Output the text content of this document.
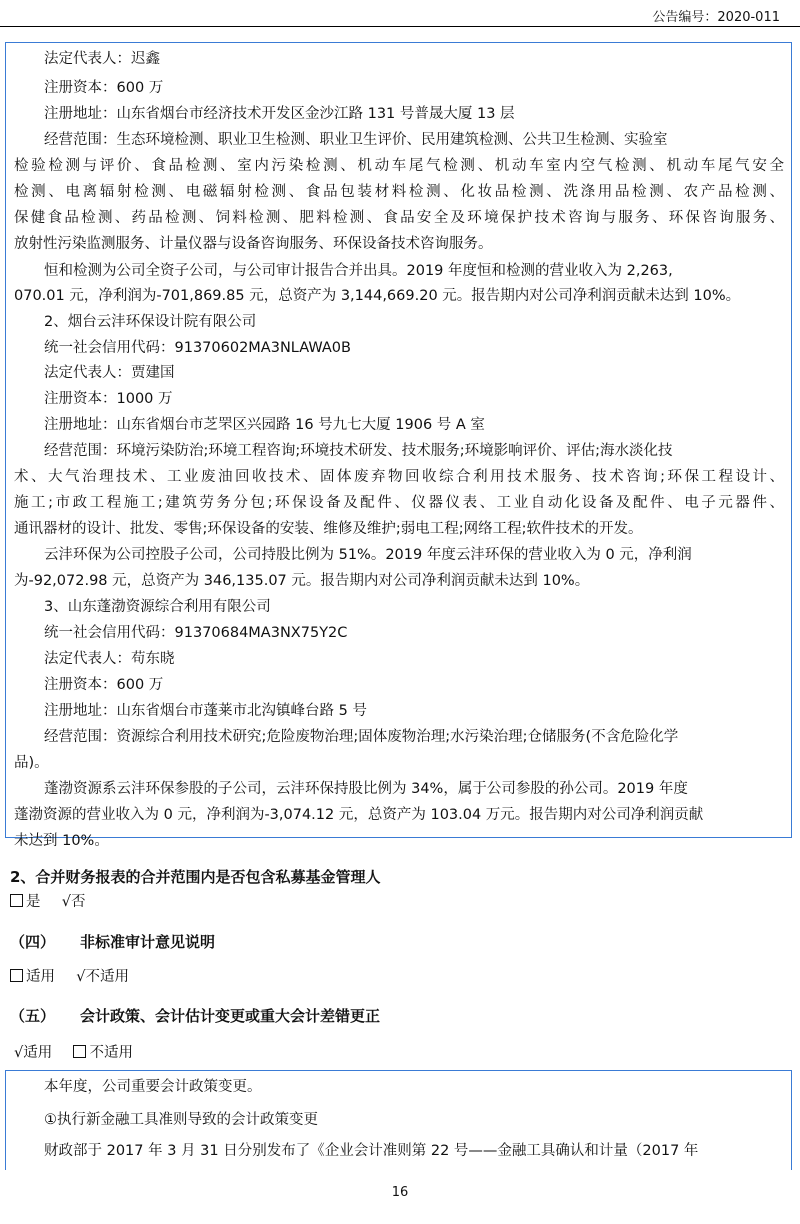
公告编号：2020-011
法定代表人：迟鑫
注册资本：600 万
注册地址：山东省烟台市经济技术开发区金沙江路 131 号普晟大厦 13 层
经营范围：生态环境检测、职业卫生检测、职业卫生评价、民用建筑检测、公共卫生检测、实验室
检验检测与评价、食品检测、室内污染检测、机动车尾气检测、机动车室内空气检测、机动车尾气安全
检测、电离辐射检测、电磁辐射检测、食品包装材料检测、化妆品检测、洗涤用品检测、农产品检测、
保健食品检测、药品检测、饲料检测、肥料检测、食品安全及环境保护技术咨询与服务、环保咨询服务、
放射性污染监测服务、计量仪器与设备咨询服务、环保设备技术咨询服务。
恒和检测为公司全资子公司，与公司审计报告合并出具。2019 年度恒和检测的营业收入为 2,263,
070.01 元，净利润为-701,869.85 元，总资产为 3,144,669.20 元。报告期内对公司净利润贡献未达到 10%。
2、烟台云沣环保设计院有限公司
统一社会信用代码：91370602MA3NLAWA0B
法定代表人：贾建国
注册资本：1000 万
注册地址：山东省烟台市芝罘区兴园路 16 号九七大厦 1906 号 A 室
经营范围：环境污染防治;环境工程咨询;环境技术研发、技术服务;环境影响评价、评估;海水淡化技
术、大气治理技术、工业废油回收技术、固体废弃物回收综合利用技术服务、技术咨询;环保工程设计、
施工;市政工程施工;建筑劳务分包;环保设备及配件、仪器仪表、工业自动化设备及配件、电子元器件、
通讯器材的设计、批发、零售;环保设备的安装、维修及维护;弱电工程;网络工程;软件技术的开发。
云沣环保为公司控股子公司，公司持股比例为 51%。2019 年度云沣环保的营业收入为 0 元，净利润
为-92,072.98 元，总资产为 346,135.07 元。报告期内对公司净利润贡献未达到 10%。
3、山东蓬渤资源综合利用有限公司
统一社会信用代码：91370684MA3NX75Y2C
法定代表人：苟东晓
注册资本：600 万
注册地址：山东省烟台市蓬莱市北沟镇峰台路 5 号
经营范围：资源综合利用技术研究;危险废物治理;固体废物治理;水污染治理;仓储服务(不含危险化学
品)。
蓬渤资源系云沣环保参股的子公司，云沣环保持股比例为 34%，属于公司参股的孙公司。2019 年度
蓬渤资源的营业收入为 0 元，净利润为-3,074.12 元，总资产为 103.04 万元。报告期内对公司净利润贡献
未达到 10%。
2、合并财务报表的合并范围内是否包含私募基金管理人
是 √否
（四） 非标准审计意见说明
适用 √不适用
（五） 会计政策、会计估计变更或重大会计差错更正
√适用	不适用
本年度，公司重要会计政策变更。
①执行新金融工具准则导致的会计政策变更
财政部于 2017 年 3 月 31 日分别发布了《企业会计准则第 22 号——金融工具确认和计量（2017 年
16
